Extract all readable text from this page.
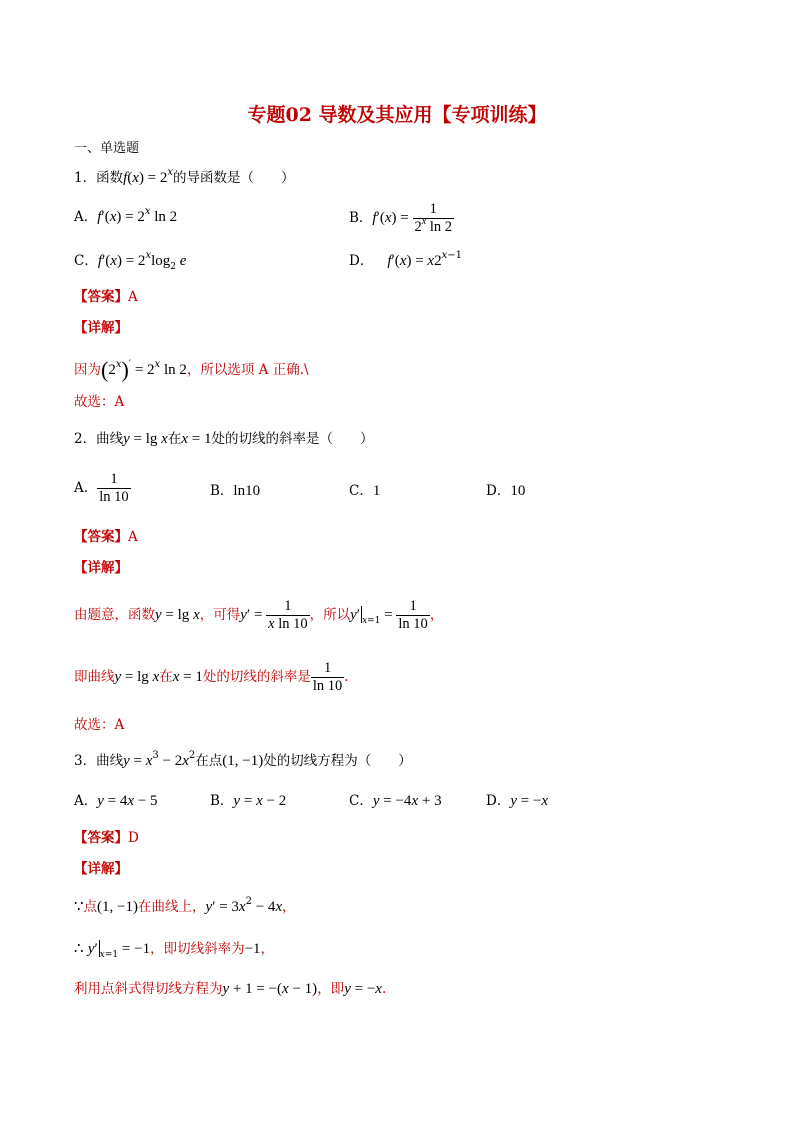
专题02 导数及其应用【专项训练】
一、单选题
1．函数$f(x) = 2^x$的导函数是（　　）
A．$f'(x) = 2^x$ ln 2	B．$f'(x) = \frac{1}{2^x \ln 2}$
C．$f'(x) = 2^x\log_2$ e	D． $f'(x) = x2^{x-1}$
【答案】A
【详解】
因为$(2^x)' = 2^x$ ln 2，所以选项 A 正确.\
故选：A
2．曲线y = lg x在x = 1处的切线的斜率是（　　）
A． $\frac{1}{\ln 10}$	B．ln10	C．1	D．10
【答案】A
【详解】
由题意，函数y = lg x，可得$y' = \frac{1}{\text{x ln 10}}$ ，所以y′ $_{x=1} = \frac{1}{\ln 10}$ ，
即曲线y = lg x在x = 1处的切线的斜率是 $\frac{1}{\ln 10}$ .
故选：A
3．曲线$y = x^3 - 2x^2$在点(1, −1)处的切线方程为（　　）
A．y = 4x − 5	B．y = x − 2	C．y = −4x + 3	D．y = −x
【答案】D
【详解】
∵点(1, −1)在曲线上，$y' = 3x^2 - 4x$，
∴ y′ $_{x=1}$ = −1，即切线斜率为−1，
利用点斜式得切线方程为y + 1 = −(x − 1)，即y = −x.
